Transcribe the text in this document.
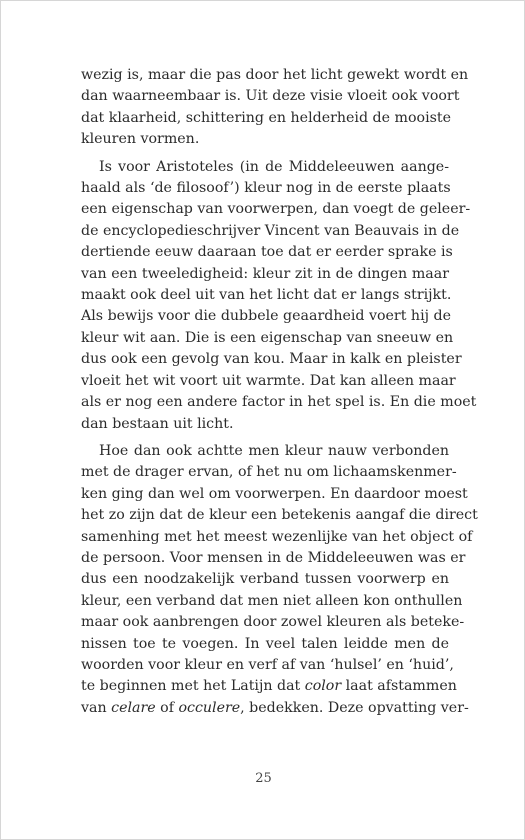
wezig is, maar die pas door het licht gewekt wordt en
dan waarneembaar is. Uit deze visie vloeit ook voort
dat klaarheid, schittering en helderheid de mooiste
kleuren vormen.
Is voor Aristoteles (in de Middeleeuwen aange-
haald als ‘de filosoof’) kleur nog in de eerste plaats
een eigenschap van voorwerpen, dan voegt de geleer-
de encyclopedieschrijver Vincent van Beauvais in de
dertiende eeuw daaraan toe dat er eerder sprake is
van een tweeledigheid: kleur zit in de dingen maar
maakt ook deel uit van het licht dat er langs strijkt.
Als bewijs voor die dubbele geaardheid voert hij de
kleur wit aan. Die is een eigenschap van sneeuw en
dus ook een gevolg van kou. Maar in kalk en pleister
vloeit het wit voort uit warmte. Dat kan alleen maar
als er nog een andere factor in het spel is. En die moet
dan bestaan uit licht.
Hoe dan ook achtte men kleur nauw verbonden
met de drager ervan, of het nu om lichaamskenmer-
ken ging dan wel om voorwerpen. En daardoor moest
het zo zijn dat de kleur een betekenis aangaf die direct
samenhing met het meest wezenlijke van het object of
de persoon. Voor mensen in de Middeleeuwen was er
dus een noodzakelijk verband tussen voorwerp en
kleur, een verband dat men niet alleen kon onthullen
maar ook aanbrengen door zowel kleuren als beteke-
nissen toe te voegen. In veel talen leidde men de
woorden voor kleur en verf af van ‘hulsel’ en ‘huid’,
te beginnen met het Latijn dat color laat afstammen
van celare of occulere, bedekken. Deze opvatting ver-
25
